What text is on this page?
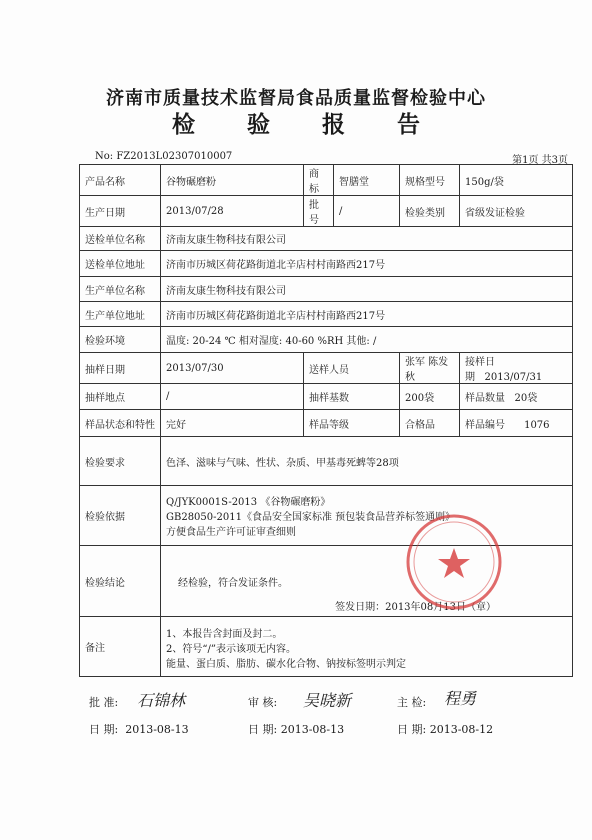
济南市质量技术监督局食品质量监督检验中心
检 验 报 告
No: FZ2013L02307010007	第1页 共3页
产品名称	谷物碾磨粉	商标	智膳堂	规格型号	150g/袋
生产日期	2013/07/28	批号	/	检验类别	省级发证检验
送检单位名称	济南友康生物科技有限公司				
送检单位地址	济南市历城区荷花路街道北辛店村村南路西217号				
生产单位名称	济南友康生物科技有限公司				
生产单位地址	济南市历城区荷花路街道北辛店村村南路西217号				
检验环境	温度: 20-24 ℃ 相对湿度: 40-60 %RH 其他: /				
抽样日期	2013/07/30	送样人员		张军 陈发秋	接样日期 2013/07/31
抽样地点	/	抽样基数		200袋	样品数量 20袋
样品状态和特性	完好	样品等级		合格品	样品编号 1076
检验要求	色泽、滋味与气味、性状、杂质、甲基毒死蜱等28项				
检验依据	Q/JYK0001S-2013 《谷物碾磨粉》
GB28050-2011《食品安全国家标准 预包装食品营养标签通则》
方便食品生产许可证审查细则				

检验结论	经检验，符合发证条件。
签发日期：2013年08月13日（章）				

备注	1、本报告含封面及封二。
2、符号“/”表示该项无内容。
能量、蛋白质、脂肪、碳水化合物、钠按标签明示判定				
批 准: 石锦林	审 核: 吴晓新	主 检: 程勇
日 期: 2013-08-13	日 期: 2013-08-13	日 期: 2013-08-12
